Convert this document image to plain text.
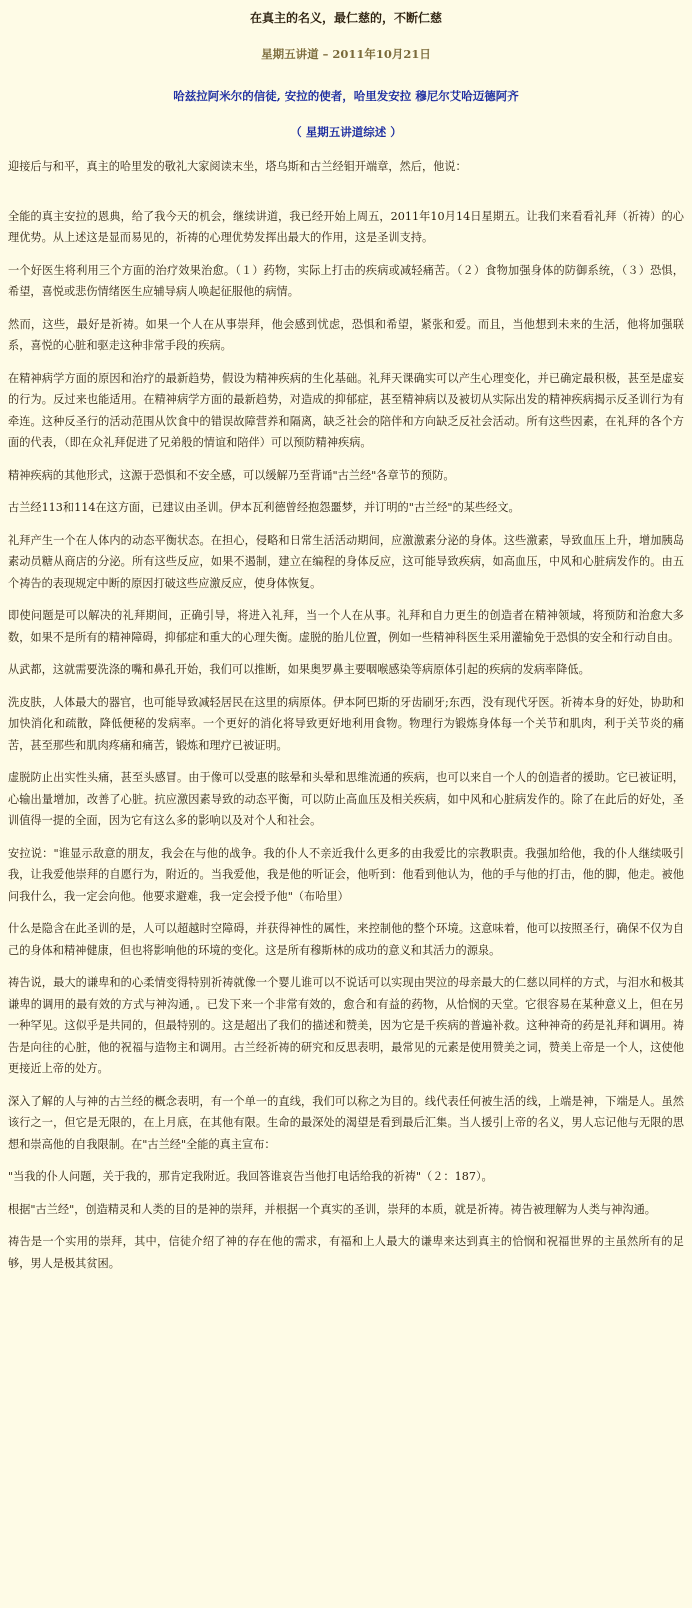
在真主的名义，最仁慈的，不断仁慈
星期五讲道 – 2011年10月21日
哈兹拉阿米尔的信徒, 安拉的使者，哈里发安拉 穆尼尔艾哈迈德阿齐
（ 星期五讲道综述 ）

迎接后与和平，真主的哈里发的敬礼大家阅读末坐，塔乌斯和古兰经钼开端章，然后，他说：

全能的真主安拉的恩典，给了我今天的机会，继续讲道，我已经开始上周五，2011年10月14日星期五。让我们来看看礼拜（祈祷）的心理优势。从上述这是显而易见的，祈祷的心理优势发挥出最大的作用，这是圣训支持。

一个好医生将利用三个方面的治疗效果治愈。（１）药物，实际上打击的疾病或减轻痛苦。（２）食物加强身体的防御系统，（３）恐惧，希望，喜悦或悲伤情绪医生应辅导病人唤起征服他的病情。

然而，这些，最好是祈祷。如果一个人在从事崇拜，他会感到忧虑，恐惧和希望，紧张和爱。而且，当他想到未来的生活，他将加强联系，喜悦的心脏和驱走这种非常手段的疾病。

在精神病学方面的原因和治疗的最新趋势，假设为精神疾病的生化基础。礼拜天课确实可以产生心理变化，并已确定最积极，甚至是虚妄的行为。反过来也能适用。在精神病学方面的最新趋势，对造成的抑郁症，甚至精神病以及被切从实际出发的精神疾病揭示反圣训行为有牵连。这种反圣行的活动范围从饮食中的错误故障营养和隔离，缺乏社会的陪伴和方向缺乏反社会活动。所有这些因素，在礼拜的各个方面的代表，（即在众礼拜促进了兄弟般的情谊和陪伴）可以预防精神疾病。

精神疾病的其他形式，这源于恐惧和不安全感，可以缓解乃至背诵"古兰经"各章节的预防。

古兰经113和114在这方面，已建议由圣训。伊本瓦利德曾经抱怨噩梦，并订明的"古兰经"的某些经文。

礼拜产生一个在人体内的动态平衡状态。在担心，侵略和日常生活活动期间，应激激素分泌的身体。这些激素，导致血压上升，增加胰岛素动员糖从商店的分泌。所有这些反应，如果不遏制，建立在编程的身体反应，这可能导致疾病，如高血压，中风和心脏病发作的。由五个祷告的表现规定中断的原因打破这些应激反应，使身体恢复。

即使问题是可以解决的礼拜期间，正确引导，将进入礼拜，当一个人在从事。礼拜和自力更生的创造者在精神领域，将预防和治愈大多数，如果不是所有的精神障碍，抑郁症和重大的心理失衡。虚脱的胎儿位置，例如一些精神科医生采用灌输免于恐惧的安全和行动自由。

从武都，这就需要洗涤的嘴和鼻孔开始，我们可以推断，如果奥罗鼻主要咽喉感染等病原体引起的疾病的发病率降低。

洗皮肤，人体最大的器官，也可能导致减轻居民在这里的病原体。伊本阿巴斯的牙齿刷牙;东西，没有现代牙医。祈祷本身的好处，协助和加快消化和疏散，降低便秘的发病率。一个更好的消化将导致更好地利用食物。物理行为锻炼身体每一个关节和肌肉，利于关节炎的痛苦，甚至那些和肌肉疼痛和痛苦，锻炼和理疗已被证明。

虚脱防止出实性头痛，甚至头感冒。由于像可以受惠的眩晕和头晕和思维流通的疾病，也可以来自一个人的创造者的援助。它已被证明，心输出量增加，改善了心脏。抗应激因素导致的动态平衡，可以防止高血压及相关疾病，如中风和心脏病发作的。除了在此后的好处，圣训值得一提的全面，因为它有这么多的影响以及对个人和社会。

安拉说："谁显示敌意的朋友，我会在与他的战争。我的仆人不亲近我什么更多的由我爱比的宗教职责。我强加给他，我的仆人继续吸引我，让我爱他崇拜的自愿行为，附近的。当我爱他，我是他的听证会，他听到：他看到他认为，他的手与他的打击，他的脚，他走。被他问我什么，我一定会向他。他要求避难，我一定会授予他"（布哈里）

什么是隐含在此圣训的是，人可以超越时空障碍，并获得神性的属性，来控制他的整个环境。这意味着，他可以按照圣行，确保不仅为自己的身体和精神健康，但也将影响他的环境的变化。这是所有穆斯林的成功的意义和其活力的源泉。

祷告说，最大的谦卑和的心柔情变得特别祈祷就像一个婴儿谁可以不说话可以实现由哭泣的母亲最大的仁慈以同样的方式，与泪水和极其谦卑的调用的最有效的方式与神沟通，。已发下来一个非常有效的，愈合和有益的药物，从恰悯的天堂。它很容易在某种意义上，但在另一种罕见。这似乎是共同的，但最特别的。这是超出了我们的描述和赞美，因为它是千疾病的普遍补救。这种神奇的药是礼拜和调用。祷告是向往的心脏，他的祝福与造物主和调用。古兰经祈祷的研究和反思表明，最常见的元素是使用赞美之词，赞美上帝是一个人，这使他更接近上帝的处方。

深入了解的人与神的古兰经的概念表明，有一个单一的直线，我们可以称之为目的。线代表任何被生活的线，上端是神，下端是人。虽然该行之一，但它是无限的，在上月底，在其他有限。生命的最深处的渴望是看到最后汇集。当人援引上帝的名义，男人忘记他与无限的思想和崇高他的自我限制。在"古兰经"全能的真主宣布：

"当我的仆人问题，关于我的，那肯定我附近。我回答谁哀告当他打电话给我的祈祷"（２：187）。

根据"古兰经"，创造精灵和人类的目的是神的崇拜，并根据一个真实的圣训，崇拜的本质，就是祈祷。祷告被理解为人类与神沟通。

祷告是一个实用的崇拜，其中，信徒介绍了神的存在他的需求，有福和上人最大的谦卑来达到真主的恰悯和祝福世界的主虽然所有的足够，男人是极其贫困。
